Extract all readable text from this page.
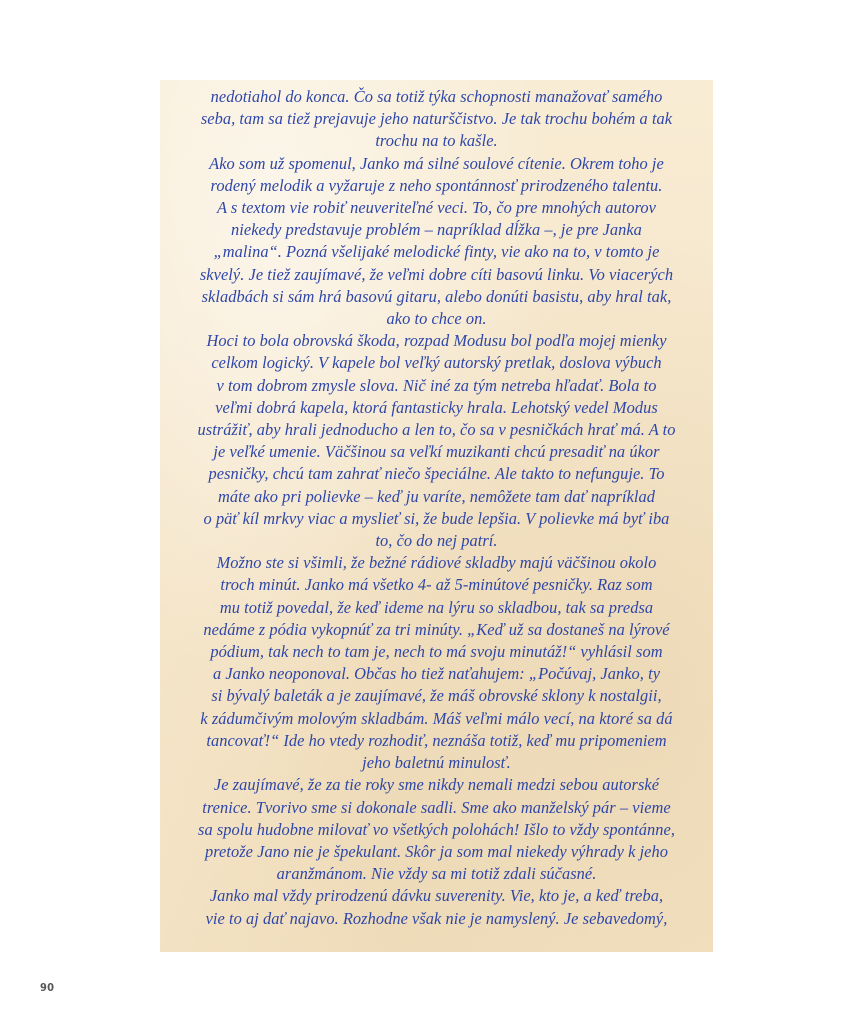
nedotiahol do konca. Čo sa totiž týka schopnosti manažovať samého
seba, tam sa tiež prejavuje jeho naturščistvo. Je tak trochu bohém a tak
trochu na to kašle.
Ako som už spomenul, Janko má silné soulové cítenie. Okrem toho je
rodený melodik a vyžaruje z neho spontánnosť prirodzeného talentu.
A s textom vie robiť neuveriteľné veci. To, čo pre mnohých autorov
niekedy predstavuje problém – napríklad dĺžka –, je pre Janka
„malina“. Pozná všelijaké melodické finty, vie ako na to, v tomto je
skvelý. Je tiež zaujímavé, že veľmi dobre cíti basovú linku. Vo viacerých
skladbách si sám hrá basovú gitaru, alebo donúti basistu, aby hral tak,
ako to chce on.
Hoci to bola obrovská škoda, rozpad Modusu bol podľa mojej mienky
celkom logický. V kapele bol veľký autorský pretlak, doslova výbuch
v tom dobrom zmysle slova. Nič iné za tým netreba hľadať. Bola to
veľmi dobrá kapela, ktorá fantasticky hrala. Lehotský vedel Modus
ustrážiť, aby hrali jednoducho a len to, čo sa v pesničkách hrať má. A to
je veľké umenie. Väčšinou sa veľkí muzikanti chcú presadiť na úkor
pesničky, chcú tam zahrať niečo špeciálne. Ale takto to nefunguje. To
máte ako pri polievke – keď ju varíte, nemôžete tam dať napríklad
o päť kíl mrkvy viac a myslieť si, že bude lepšia. V polievke má byť iba
to, čo do nej patrí.
Možno ste si všimli, že bežné rádiové skladby majú väčšinou okolo
troch minút. Janko má všetko 4- až 5-minútové pesničky. Raz som
mu totiž povedal, že keď ideme na lýru so skladbou, tak sa predsa
nedáme z pódia vykopnúť za tri minúty. „Keď už sa dostaneš na lýrové
pódium, tak nech to tam je, nech to má svoju minutáž!“ vyhlásil som
a Janko neoponoval. Občas ho tiež naťahujem: „Počúvaj, Janko, ty
si bývalý baleták a je zaujímavé, že máš obrovské sklony k nostalgii,
k zádumčivým molovým skladbám. Máš veľmi málo vecí, na ktoré sa dá
tancovať!“ Ide ho vtedy rozhodiť, neznáša totiž, keď mu pripomeniem
jeho baletnú minulosť.
Je zaujímavé, že za tie roky sme nikdy nemali medzi sebou autorské
trenice. Tvorivo sme si dokonale sadli. Sme ako manželský pár – vieme
sa spolu hudobne milovať vo všetkých polohách! Išlo to vždy spontánne,
pretože Jano nie je špekulant. Skôr ja som mal niekedy výhrady k jeho
aranžmánom. Nie vždy sa mi totiž zdali súčasné.
Janko mal vždy prirodzenú dávku suverenity. Vie, kto je, a keď treba,
vie to aj dať najavo. Rozhodne však nie je namyslený. Je sebavedomý,

90
